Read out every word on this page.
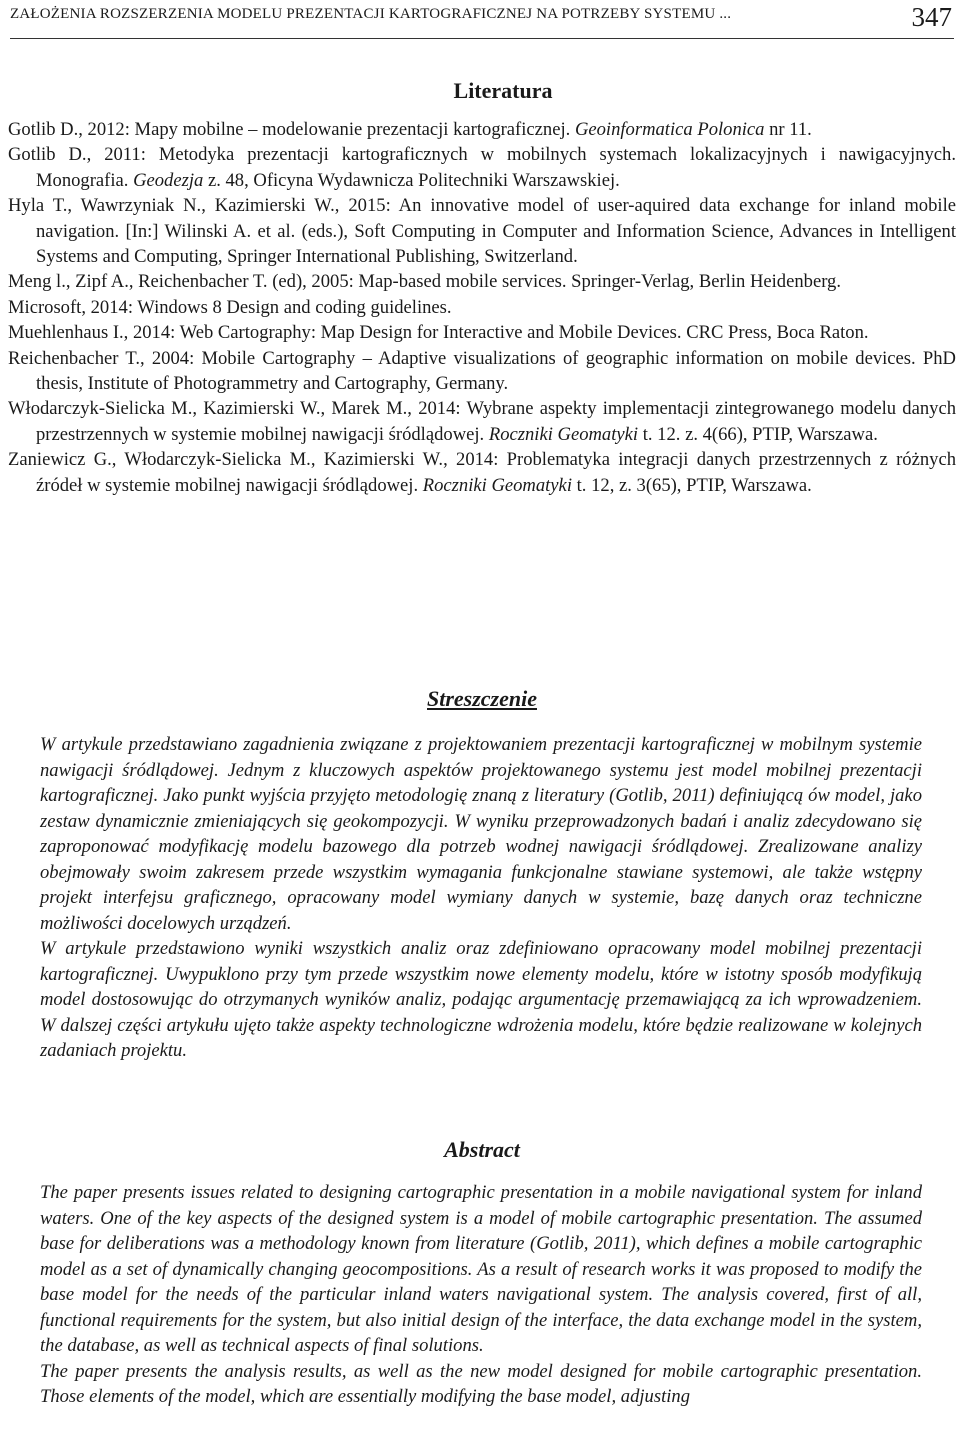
ZAŁOŻENIA ROZSZERZENIA MODELU PREZENTACJI KARTOGRAFICZNEJ NA POTRZEBY SYSTEMU ...	347
Literatura

Gotlib D., 2012: Mapy mobilne – modelowanie prezentacji kartograficznej. Geoinformatica Polonica nr 11.

Gotlib D., 2011: Metodyka prezentacji kartograficznych w mobilnych systemach lokalizacyjnych i nawigacyjnych. Monografia. Geodezja z. 48, Oficyna Wydawnicza Politechniki Warszawskiej.

Hyla T., Wawrzyniak N., Kazimierski W., 2015: An innovative model of user-aquired data exchange for inland mobile navigation. [In:] Wilinski A. et al. (eds.), Soft Computing in Computer and Information Science, Advances in Intelligent Systems and Computing, Springer International Publishing, Switzerland.

Meng l., Zipf A., Reichenbacher T. (ed), 2005: Map-based mobile services. Springer-Verlag, Berlin Heidenberg.

Microsoft, 2014: Windows 8 Design and coding guidelines.

Muehlenhaus I., 2014: Web Cartography: Map Design for Interactive and Mobile Devices. CRC Press, Boca Raton.

Reichenbacher T., 2004: Mobile Cartography – Adaptive visualizations of geographic information on mobile devices. PhD thesis, Institute of Photogrammetry and Cartography, Germany.

Włodarczyk-Sielicka M., Kazimierski W., Marek M., 2014: Wybrane aspekty implementacji zintegrowanego modelu danych przestrzennych w systemie mobilnej nawigacji śródlądowej. Roczniki Geomatyki t. 12. z. 4(66), PTIP, Warszawa.

Zaniewicz G., Włodarczyk-Sielicka M., Kazimierski W., 2014: Problematyka integracji danych przestrzennych z różnych źródeł w systemie mobilnej nawigacji śródlądowej. Roczniki Geomatyki t. 12, z. 3(65), PTIP, Warszawa.

Streszczenie

W artykule przedstawiano zagadnienia związane z projektowaniem prezentacji kartograficznej w mobilnym systemie nawigacji śródlądowej. Jednym z kluczowych aspektów projektowanego systemu jest model mobilnej prezentacji kartograficznej. Jako punkt wyjścia przyjęto metodologię znaną z literatury (Gotlib, 2011) definiującą ów model, jako zestaw dynamicznie zmieniających się geokompozycji. W wyniku przeprowadzonych badań i analiz zdecydowano się zaproponować modyfikację modelu bazowego dla potrzeb wodnej nawigacji śródlądowej. Zrealizowane analizy obejmowały swoim zakresem przede wszystkim wymagania funkcjonalne stawiane systemowi, ale także wstępny projekt interfejsu graficznego, opracowany model wymiany danych w systemie, bazę danych oraz techniczne możliwości docelowych urządzeń.

W artykule przedstawiono wyniki wszystkich analiz oraz zdefiniowano opracowany model mobilnej prezentacji kartograficznej. Uwypuklono przy tym przede wszystkim nowe elementy modelu, które w istotny sposób modyfikują model dostosowując do otrzymanych wyników analiz, podając argumentację przemawiającą za ich wprowadzeniem. W dalszej części artykułu ujęto także aspekty technologiczne wdrożenia modelu, które będzie realizowane w kolejnych zadaniach projektu.

Abstract

The paper presents issues related to designing cartographic presentation in a mobile navigational system for inland waters. One of the key aspects of the designed system is a model of mobile cartographic presentation. The assumed base for deliberations was a methodology known from literature (Gotlib, 2011), which defines a mobile cartographic model as a set of dynamically changing geocompositions. As a result of research works it was proposed to modify the base model for the needs of the particular inland waters navigational system. The analysis covered, first of all, functional requirements for the system, but also initial design of the interface, the data exchange model in the system, the database, as well as technical aspects of final solutions.

The paper presents the analysis results, as well as the new model designed for mobile cartographic presentation. Those elements of the model, which are essentially modifying the base model, adjusting
